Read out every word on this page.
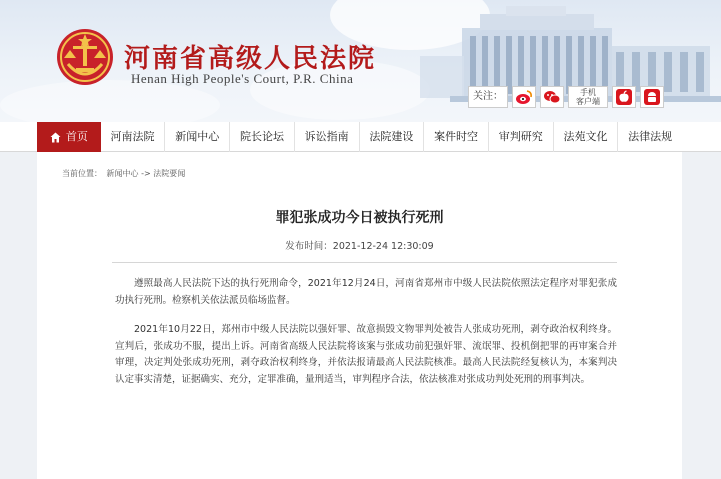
河南省高级人民法院
Henan High People's Court, P.R. China
关注：	手机
客户端
首页	河南法院	新闻中心	院长论坛	诉讼指南	法院建设	案件时空	审判研究	法苑文化	法律法规
当前位置： 新闻中心 -> 法院要闻
罪犯张成功今日被执行死刑
发布时间：2021-12-24 12:30:09

遵照最高人民法院下达的执行死刑命令，2021年12月24日，河南省郑州市中级人民法院依照法定程序对罪犯张成功执行死刑。检察机关依法派员临场监督。

2021年10月22日，郑州市中级人民法院以强奸罪、故意损毁文物罪判处被告人张成功死刑，剥夺政治权利终身。宣判后，张成功不服，提出上诉。河南省高级人民法院将该案与张成功前犯强奸罪、流氓罪、投机倒把罪的再审案合并审理，决定判处张成功死刑，剥夺政治权利终身，并依法报请最高人民法院核准。最高人民法院经复核认为，本案判决认定事实清楚，证据确实、充分，定罪准确，量刑适当，审判程序合法，依法核准对张成功判处死刑的刑事判决。
